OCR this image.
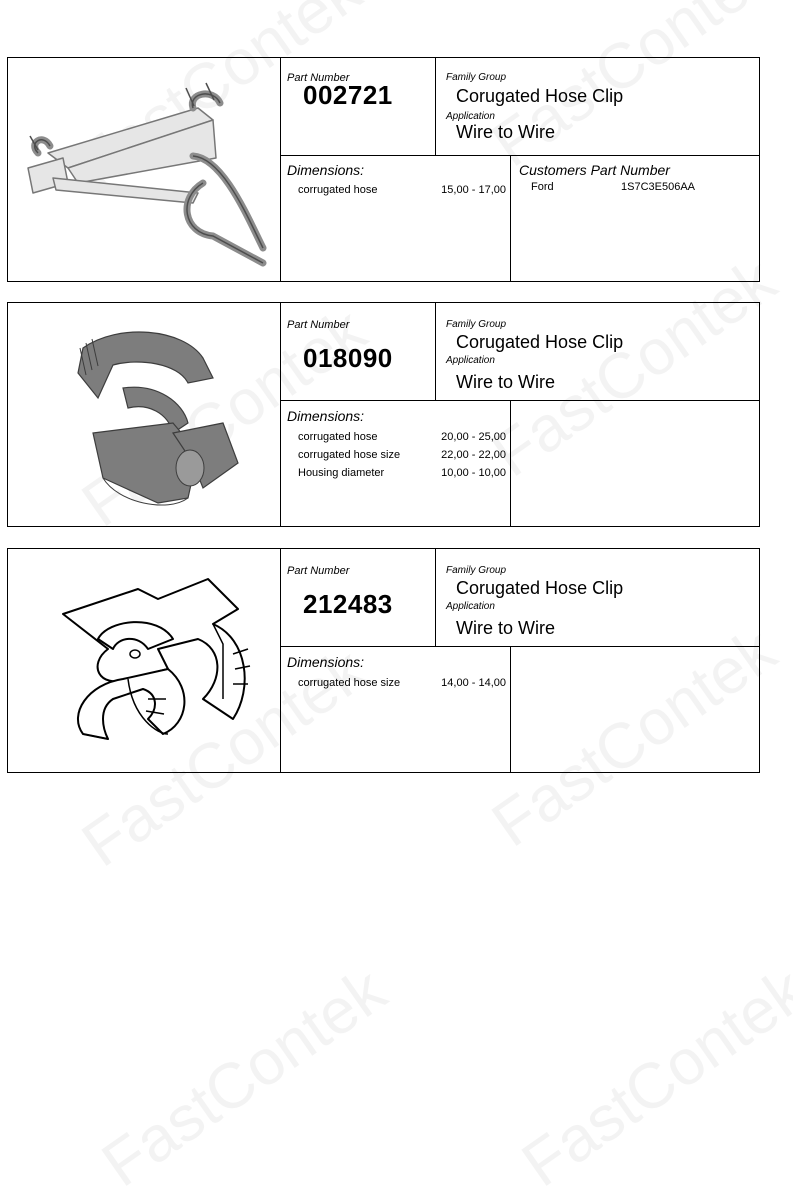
Part Number
002721
Family Group
Corugated Hose Clip
Application
Wire to Wire
Dimensions:
corrugated hose	15,00 - 17,00
Customers Part Number
Ford	1S7C3E506AA
Part Number
018090
Family Group
Corugated Hose Clip
Application
Wire to Wire
Dimensions:
corrugated hose	20,00 - 25,00
corrugated hose size	22,00 - 22,00
Housing diameter	10,00 - 10,00
Part Number
212483
Family Group
Corugated Hose Clip
Application
Wire to Wire
Dimensions:
corrugated hose size	14,00 - 14,00
